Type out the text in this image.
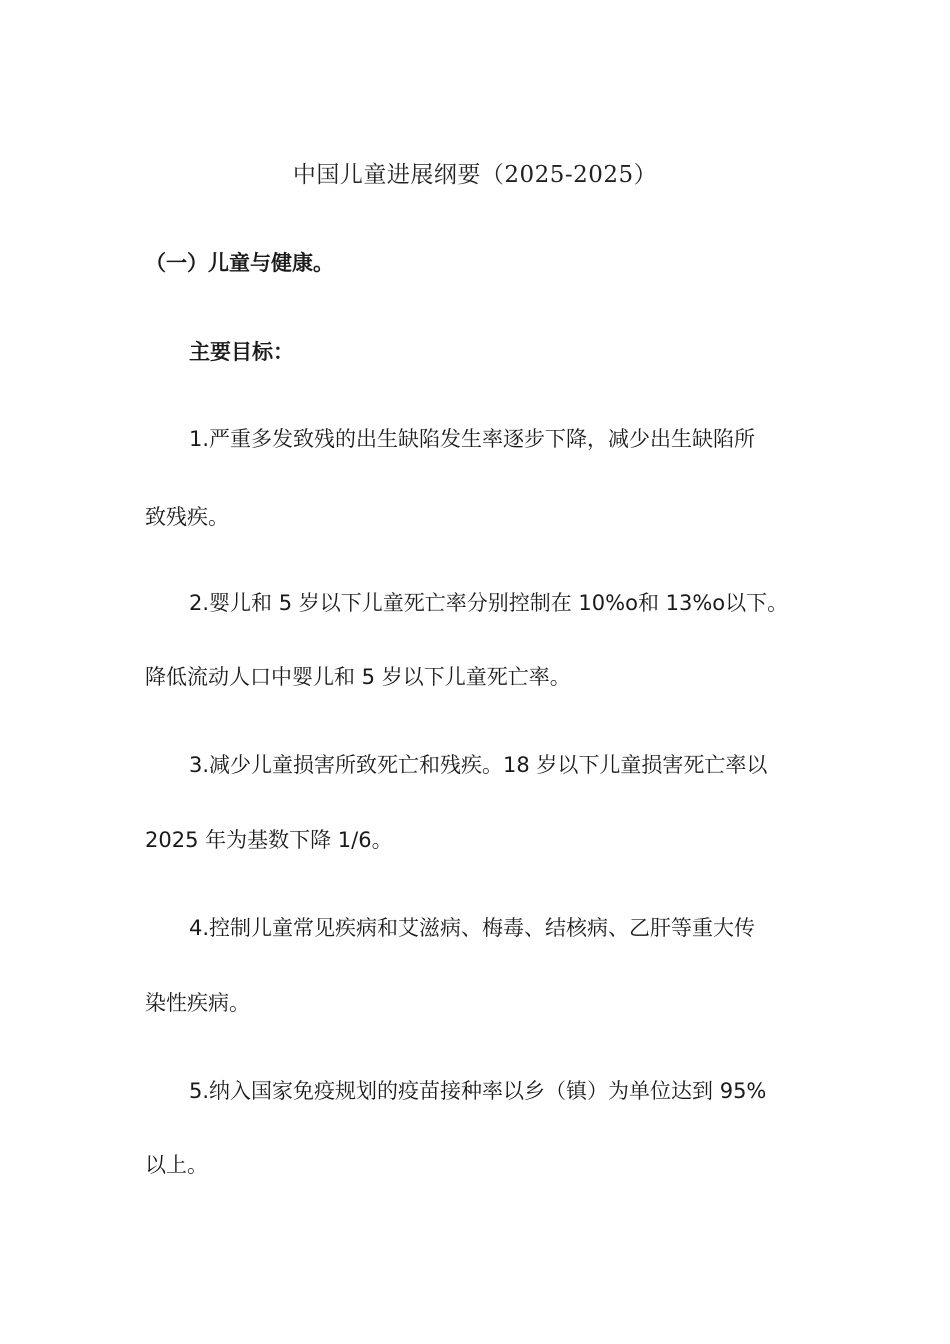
中国儿童进展纲要（2025-2025）
（一）儿童与健康。
主要目标：
1.严重多发致残的出生缺陷发生率逐步下降，减少出生缺陷所
致残疾。
2.婴儿和 5 岁以下儿童死亡率分别控制在 10%o和 13%o以下。
降低流动人口中婴儿和 5 岁以下儿童死亡率。
3.减少儿童损害所致死亡和残疾。18 岁以下儿童损害死亡率以
2025 年为基数下降 1/6。
4.控制儿童常见疾病和艾滋病、梅毒、结核病、乙肝等重大传
染性疾病。
5.纳入国家免疫规划的疫苗接种率以乡（镇）为单位达到 95%
以上。
